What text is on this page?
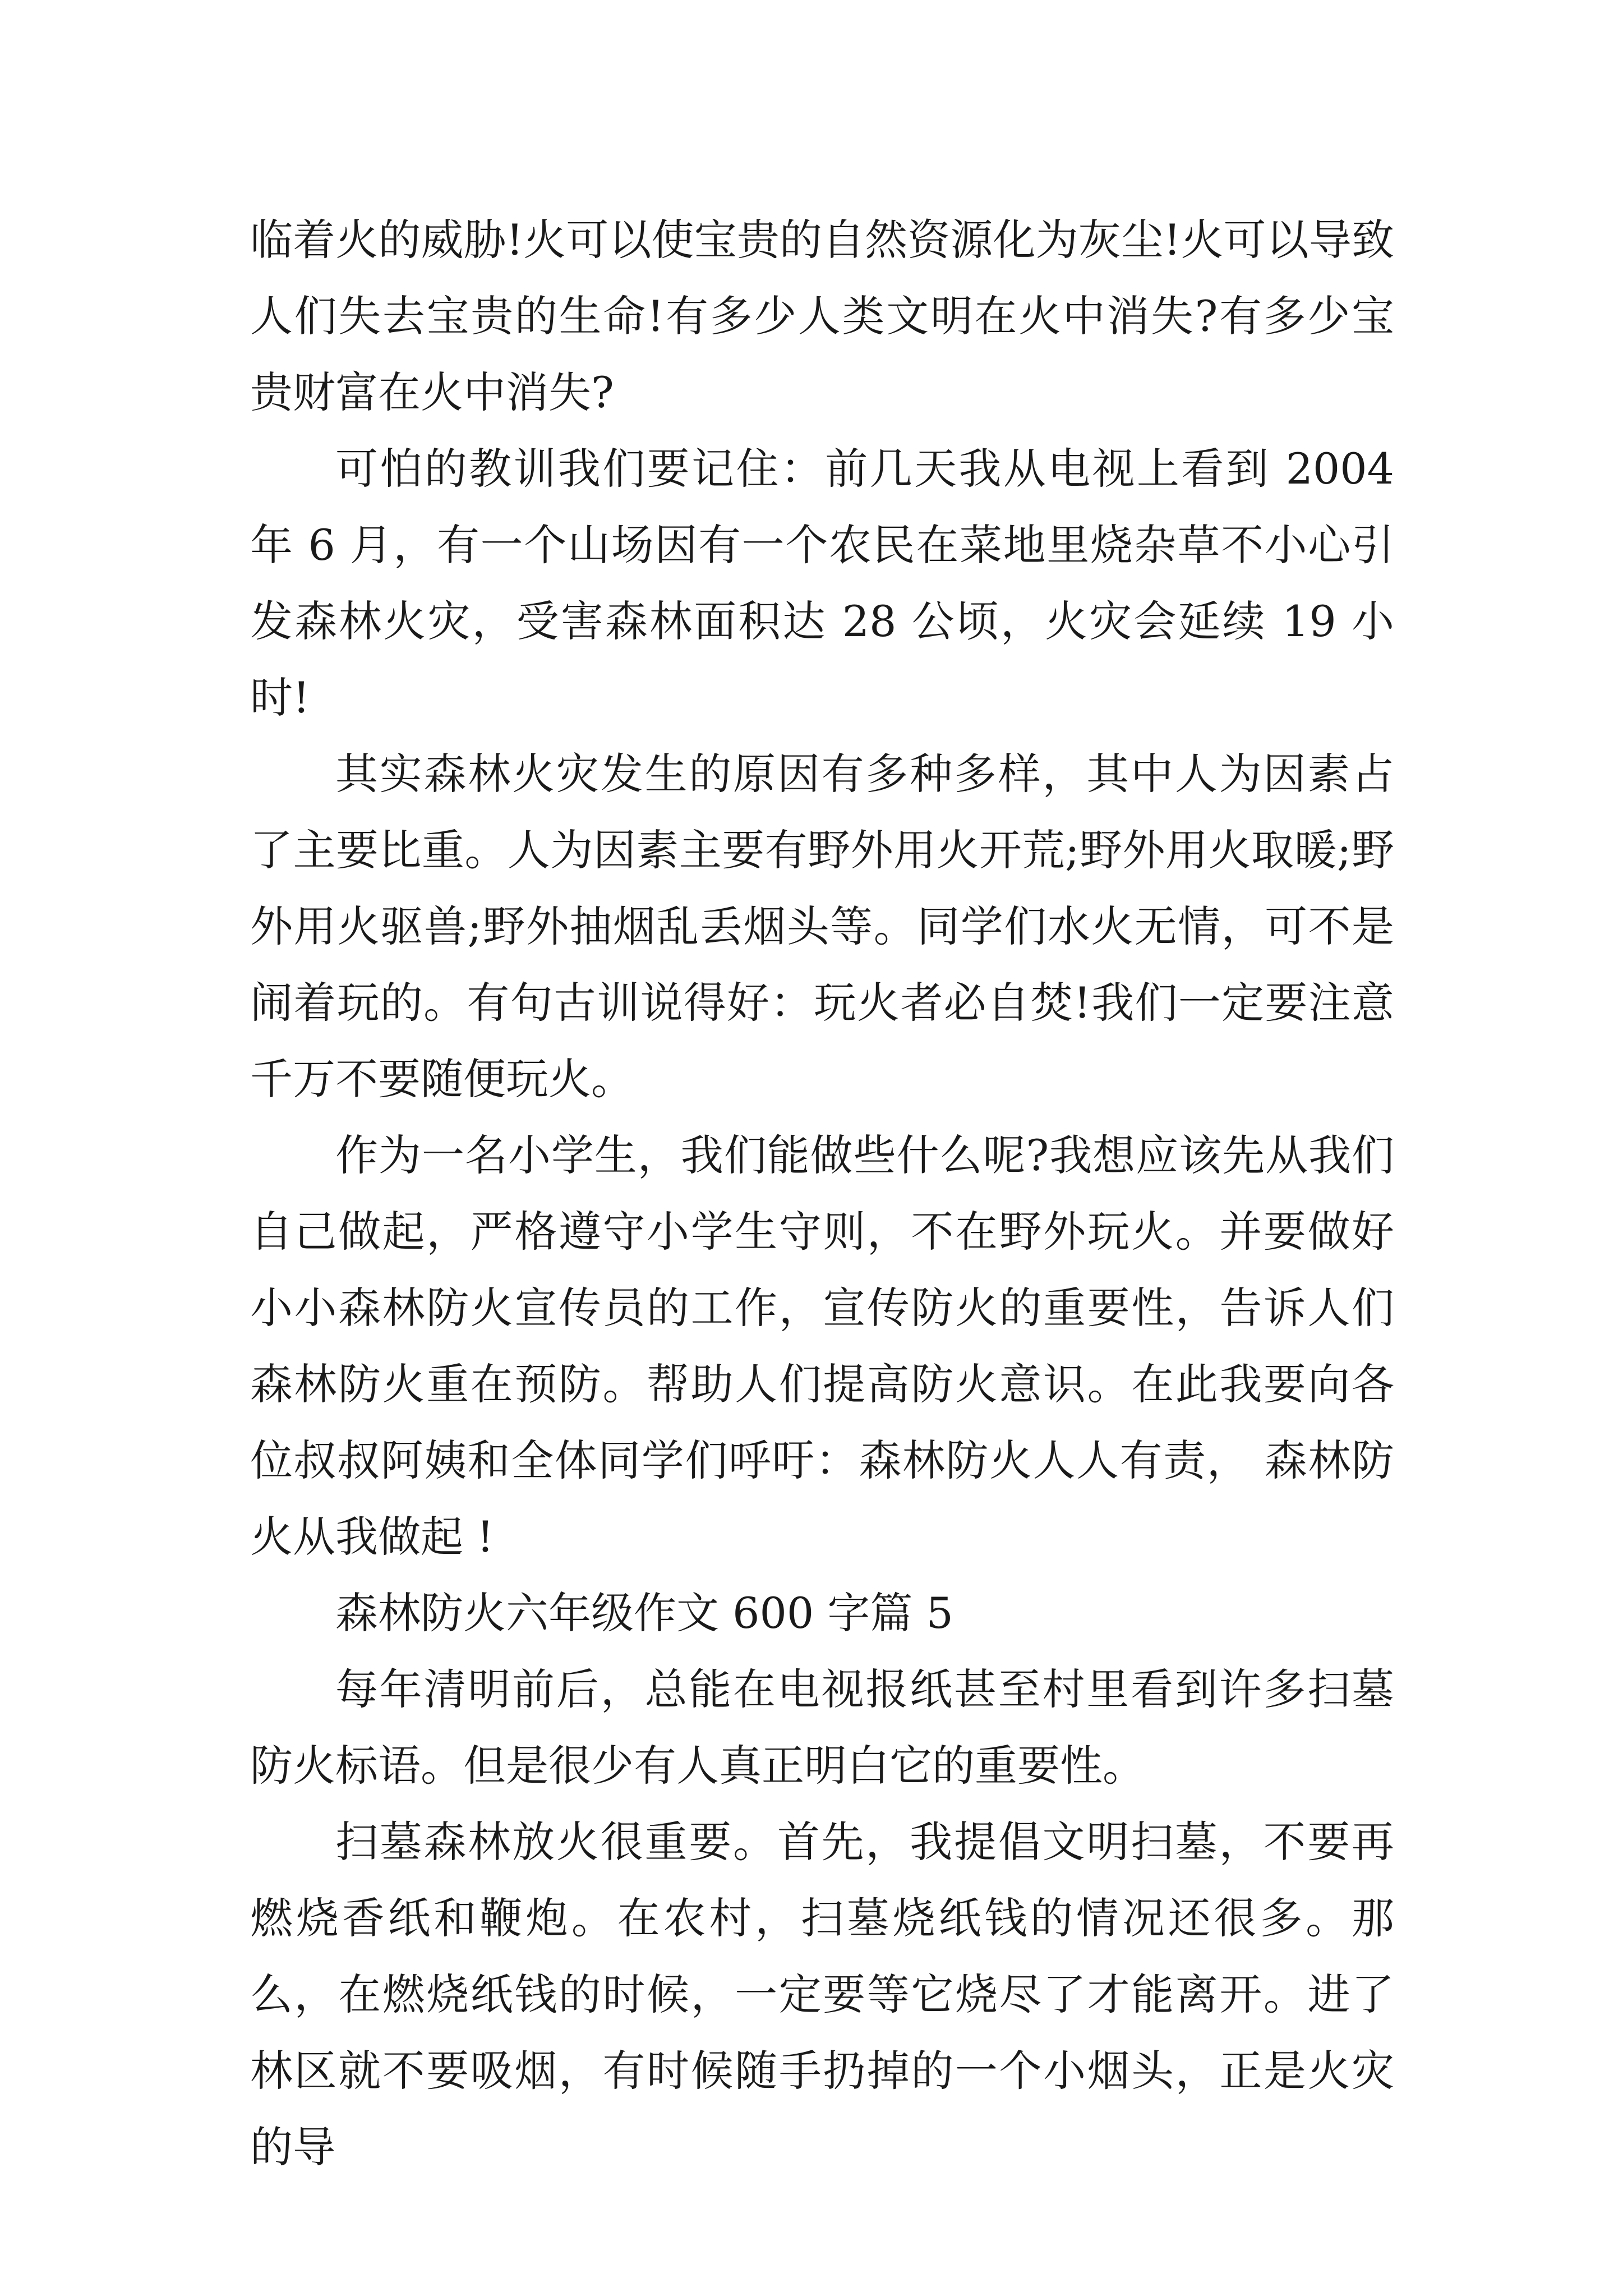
临着火的威胁!火可以使宝贵的自然资源化为灰尘!火可以导致人们失去宝贵的生命!有多少人类文明在火中消失?有多少宝贵财富在火中消失?

可怕的教训我们要记住：前几天我从电视上看到 2004 年 6 月，有一个山场因有一个农民在菜地里烧杂草不小心引发森林火灾，受害森林面积达 28 公顷，火灾会延续 19 小时!

其实森林火灾发生的原因有多种多样，其中人为因素占了主要比重。人为因素主要有野外用火开荒;野外用火取暖;野外用火驱兽;野外抽烟乱丢烟头等。同学们水火无情，可不是闹着玩的。有句古训说得好：玩火者必自焚!我们一定要注意千万不要随便玩火。

作为一名小学生，我们能做些什么呢?我想应该先从我们自己做起，严格遵守小学生守则，不在野外玩火。并要做好小小森林防火宣传员的工作，宣传防火的重要性，告诉人们森林防火重在预防。帮助人们提高防火意识。在此我要向各位叔叔阿姨和全体同学们呼吁：森林防火人人有责， 森林防火从我做起 !

森林防火六年级作文 600 字篇 5

每年清明前后，总能在电视报纸甚至村里看到许多扫墓防火标语。但是很少有人真正明白它的重要性。

扫墓森林放火很重要。首先，我提倡文明扫墓，不要再燃烧香纸和鞭炮。在农村，扫墓烧纸钱的情况还很多。那么，在燃烧纸钱的时候，一定要等它烧尽了才能离开。进了林区就不要吸烟，有时候随手扔掉的一个小烟头，正是火灾的导
